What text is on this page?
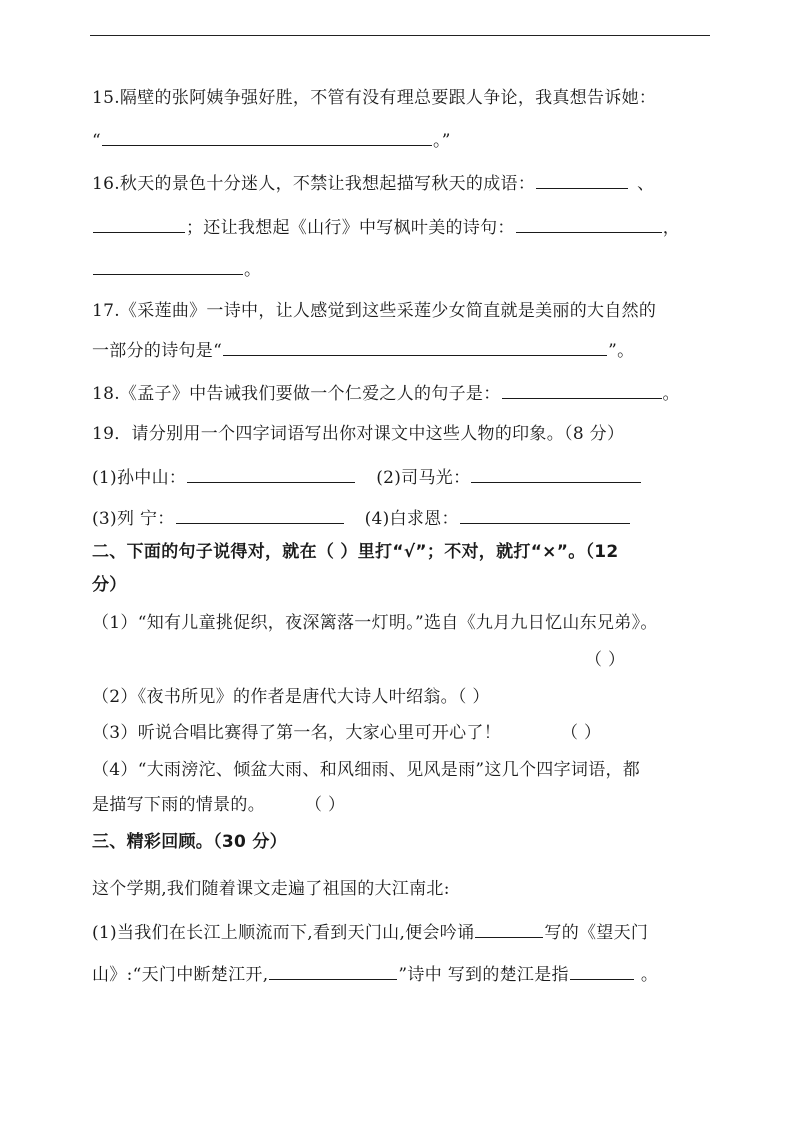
15.隔壁的张阿姨争强好胜，不管有没有理总要跟人争论，我真想告诉她：
“	。”
16.秋天的景色十分迷人，不禁让我想起描写秋天的成语：	、
；还让我想起《山行》中写枫叶美的诗句：	，
。
17.《采莲曲》一诗中，让人感觉到这些采莲少女简直就是美丽的大自然的
一部分的诗句是“	”。
18.《孟子》中告诫我们要做一个仁爱之人的句子是：	。
19．请分别用一个四字词语写出你对课文中这些人物的印象。（8 分）
(1)孙中山：	(2)司马光：
(3)列 宁：	(4)白求恩：
二、下面的句子说得对，就在（ ）里打“√”；不对，就打“×”。（12
分）
（1）“知有儿童挑促织，夜深篱落一灯明。”选自《九月九日忆山东兄弟》。
（ ）
（2）《夜书所见》的作者是唐代大诗人叶绍翁。（ ）
（3）听说合唱比赛得了第一名，大家心里可开心了！	（ ）
（4）“大雨滂沱、倾盆大雨、和风细雨、见风是雨”这几个四字词语，都
是描写下雨的情景的。 （ ）
三、精彩回顾。（30 分）
这个学期,我们随着课文走遍了祖国的大江南北:
(1)当我们在长江上顺流而下,看到天门山,便会吟诵	写的《望天门
山》:“天门中断楚江开,	”诗中 写到的楚江是指	。
